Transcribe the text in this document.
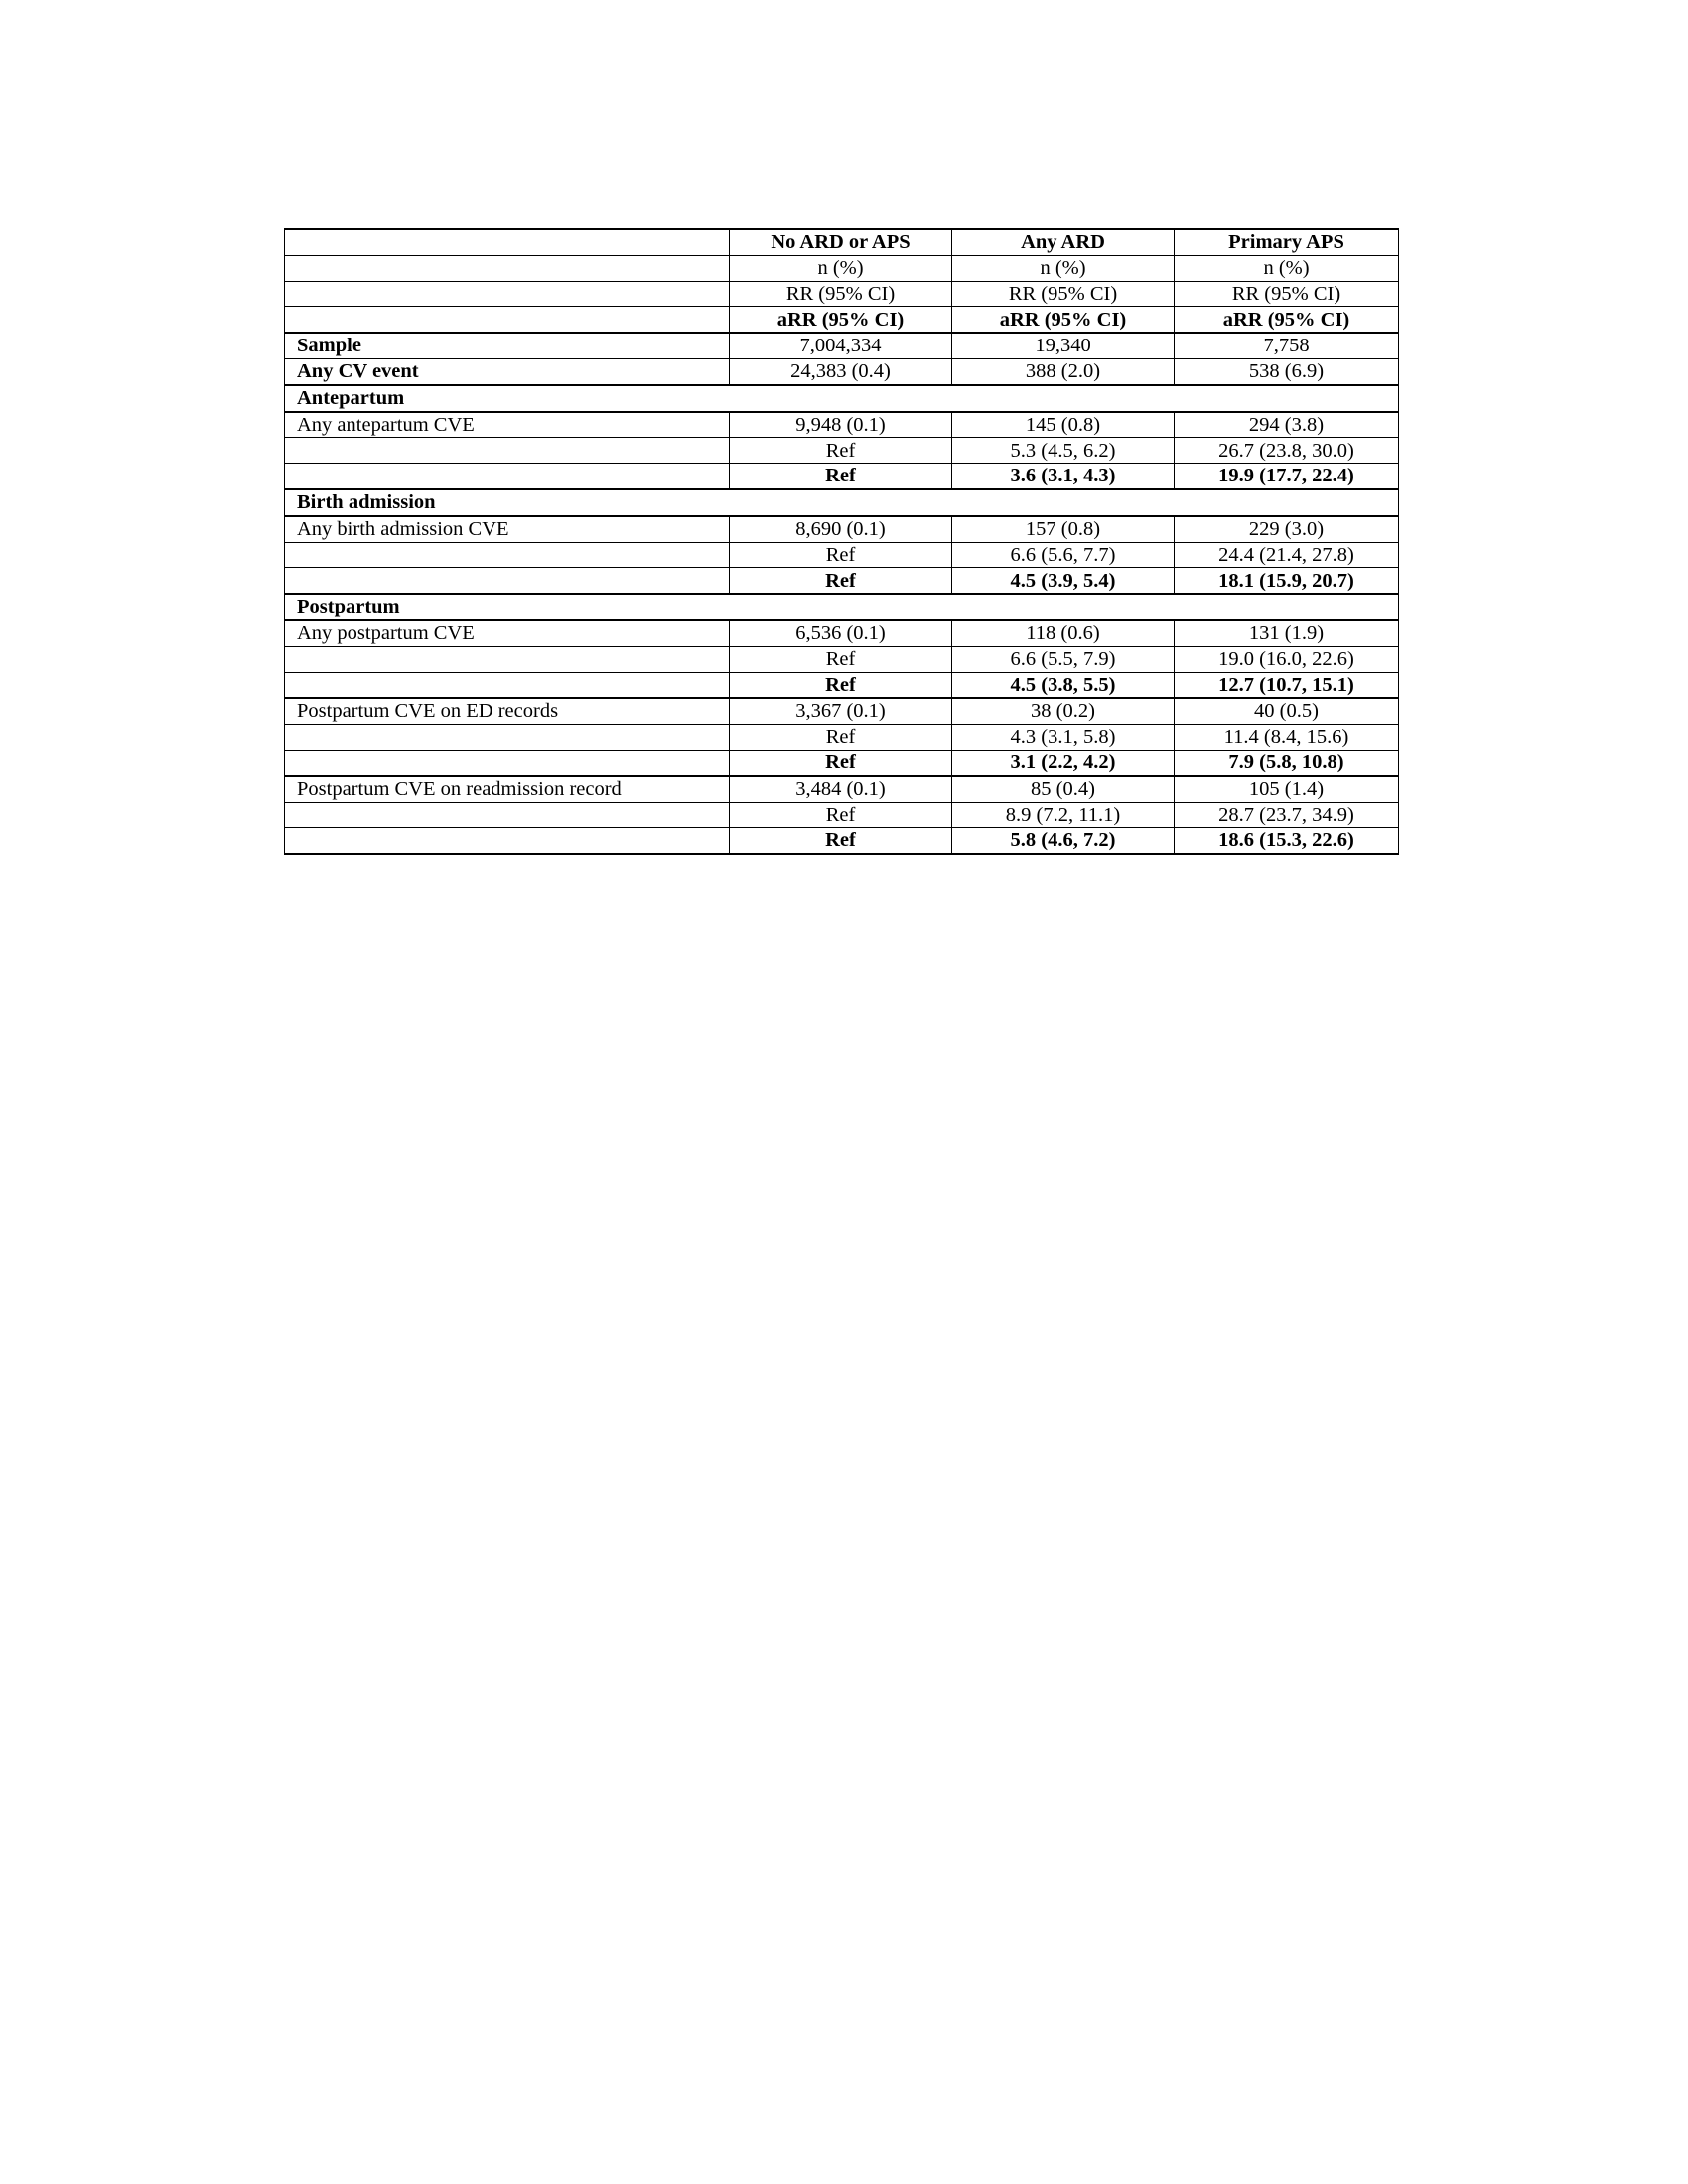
	No ARD or APS	Any ARD	Primary APS
	n (%)	n (%)	n (%)
	RR (95% CI)	RR (95% CI)	RR (95% CI)
	aRR (95% CI)	aRR (95% CI)	aRR (95% CI)
Sample	7,004,334	19,340	7,758
Any CV event	24,383 (0.4)	388 (2.0)	538 (6.9)
Antepartum			
Any antepartum CVE	9,948 (0.1)	145 (0.8)	294 (3.8)
	Ref	5.3 (4.5, 6.2)	26.7 (23.8, 30.0)
	Ref	3.6 (3.1, 4.3)	19.9 (17.7, 22.4)
Birth admission			
Any birth admission CVE	8,690 (0.1)	157 (0.8)	229 (3.0)
	Ref	6.6 (5.6, 7.7)	24.4 (21.4, 27.8)
	Ref	4.5 (3.9, 5.4)	18.1 (15.9, 20.7)
Postpartum			
Any postpartum CVE	6,536 (0.1)	118 (0.6)	131 (1.9)
	Ref	6.6 (5.5, 7.9)	19.0 (16.0, 22.6)
	Ref	4.5 (3.8, 5.5)	12.7 (10.7, 15.1)
Postpartum CVE on ED records	3,367 (0.1)	38 (0.2)	40 (0.5)
	Ref	4.3 (3.1, 5.8)	11.4 (8.4, 15.6)
	Ref	3.1 (2.2, 4.2)	7.9 (5.8, 10.8)
Postpartum CVE on readmission record	3,484 (0.1)	85 (0.4)	105 (1.4)
	Ref	8.9 (7.2, 11.1)	28.7 (23.7, 34.9)
	Ref	5.8 (4.6, 7.2)	18.6 (15.3, 22.6)
